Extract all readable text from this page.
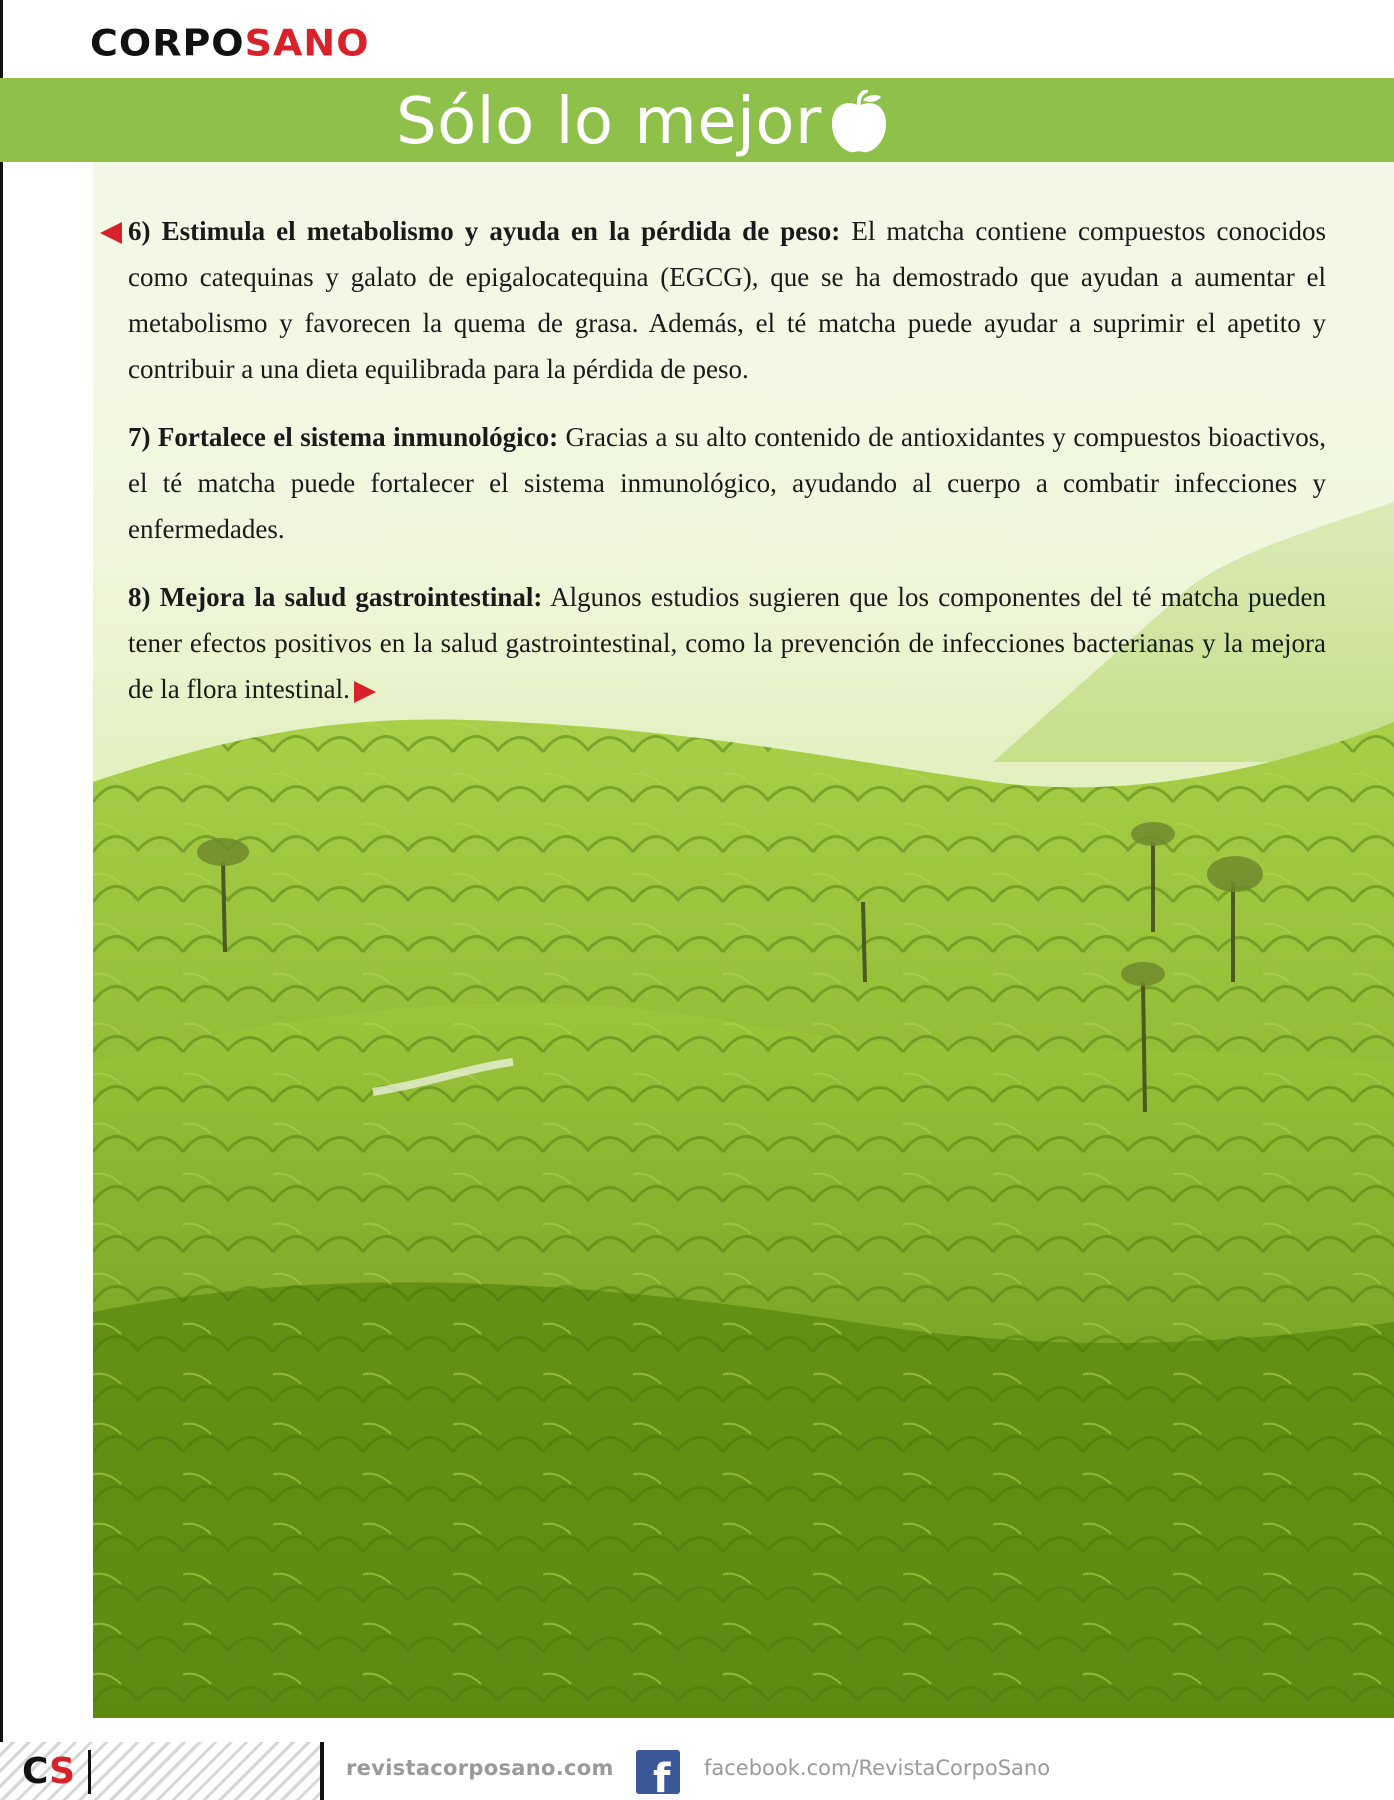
CORPOSANO
Sólo lo mejor

6) Estimula el metabolismo y ayuda en la pérdida de peso: El matcha contiene compuestos conocidos como catequinas y galato de epigalocatequina (EGCG), que se ha demostrado que ayudan a aumentar el metabolismo y favorecen la quema de grasa. Además, el té matcha puede ayudar a suprimir el apetito y contribuir a una dieta equilibrada para la pérdida de peso.

7) Fortalece el sistema inmunológico: Gracias a su alto contenido de antioxidantes y compuestos bioactivos, el té matcha puede fortalecer el sistema inmunológico, ayudando al cuerpo a combatir infecciones y enfermedades.

8) Mejora la salud gastrointestinal: Algunos estudios sugieren que los componentes del té matcha pueden tener efectos positivos en la salud gastrointestinal, como la prevención de infecciones bacterianas y la mejora de la flora intestinal.

CS	revistacorposano.com f facebook.com/RevistaCorpoSano
